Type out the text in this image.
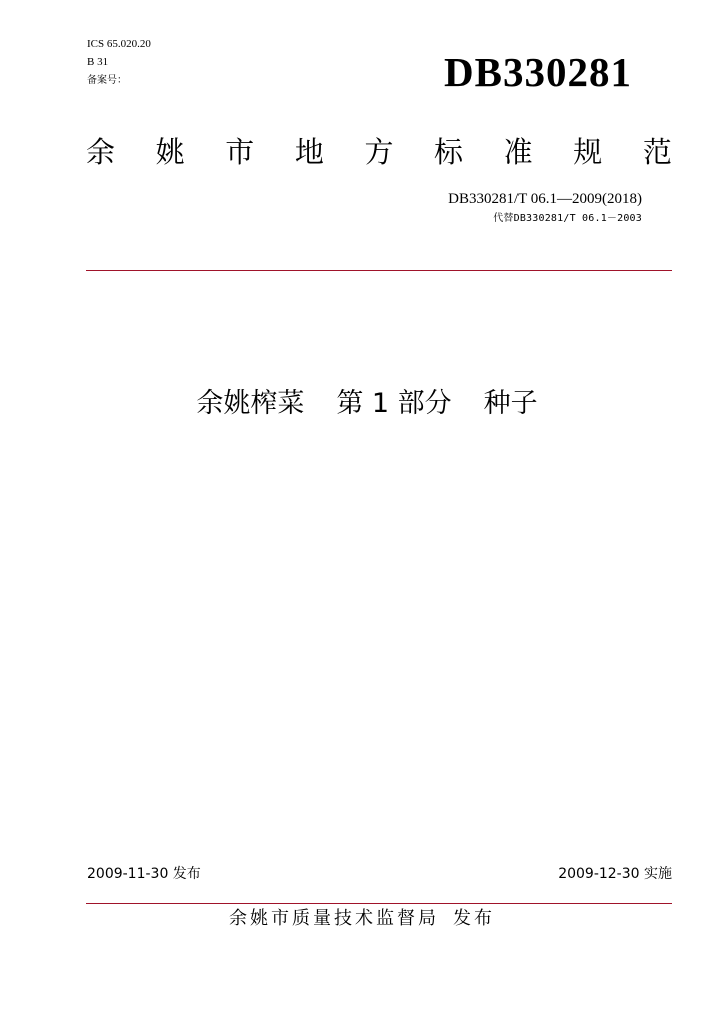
ICS 65.020.20
B 31
备案号：	DB330281
余 姚 市 地 方 标 准 规 范
DB330281/T 06.1—2009(2018)
代替DB330281/T 06.1－2003
余姚榨菜 第 1 部分 种子
2009-11-30 发布	2009-12-30 实施
余姚市质量技术监督局 发布
